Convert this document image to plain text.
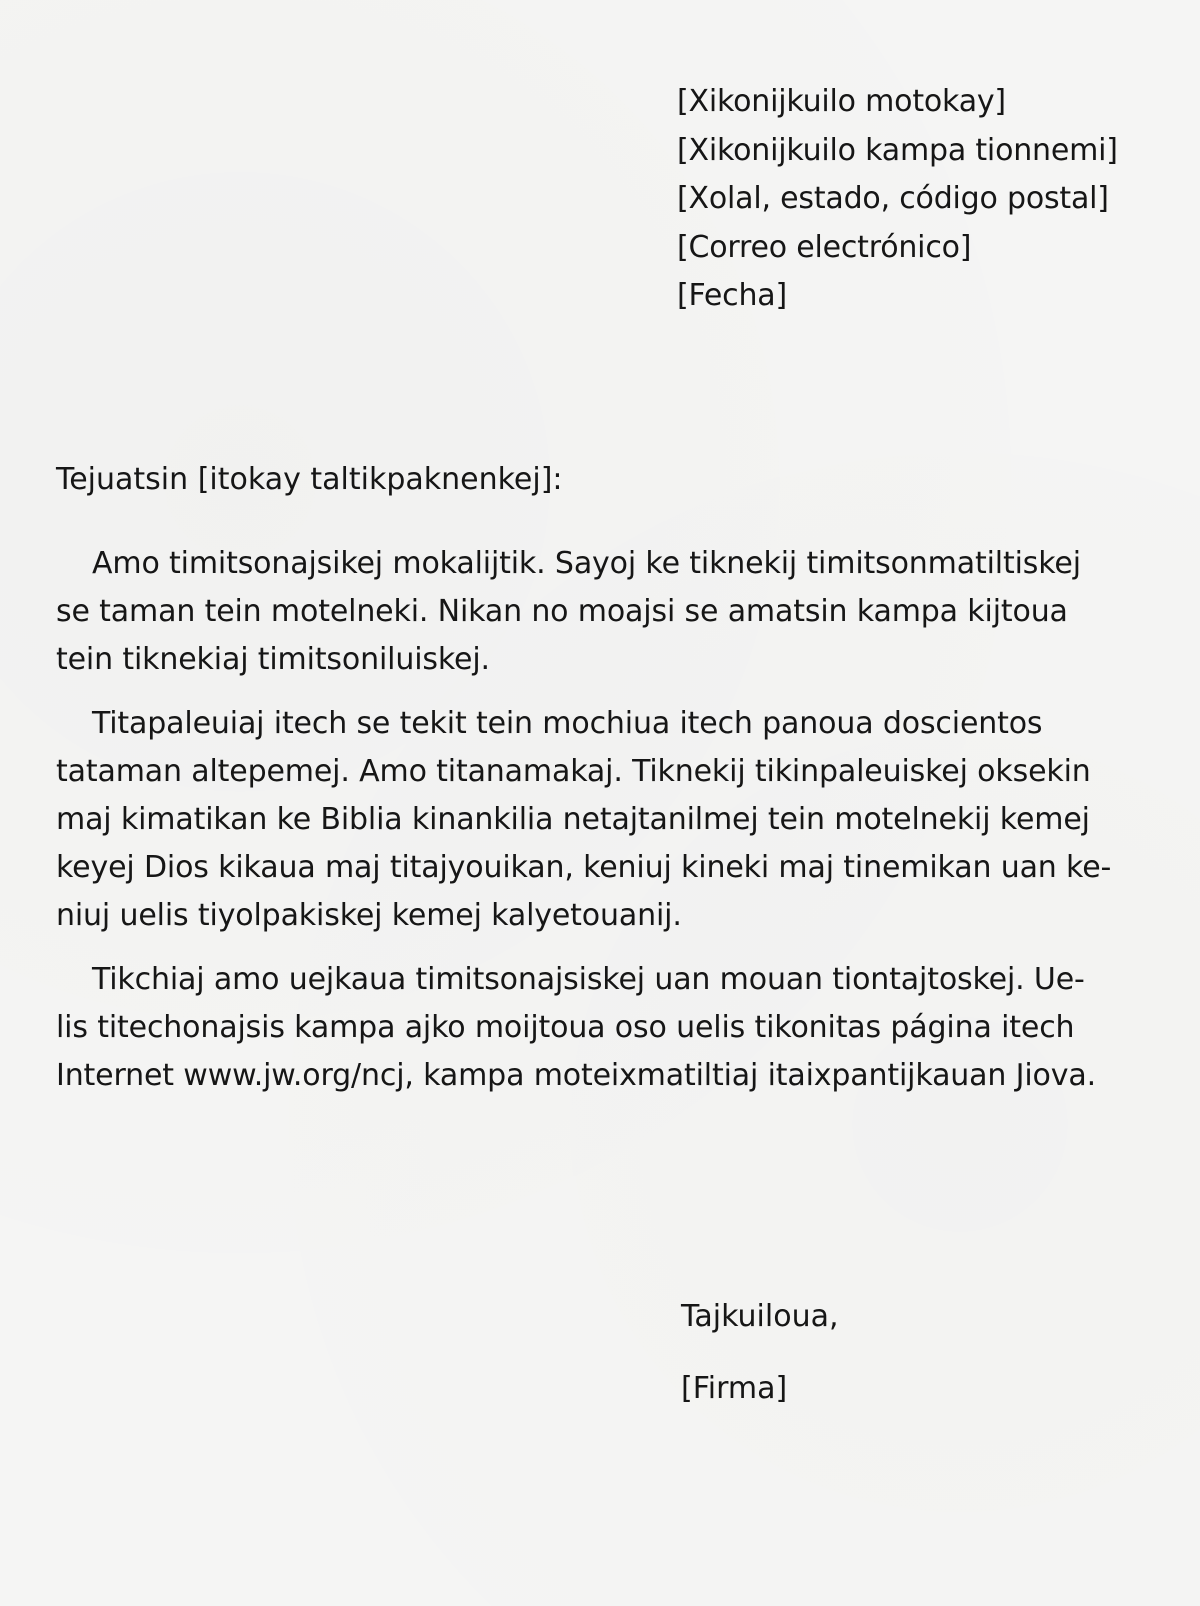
[Xikonijkuilo motokay]
[Xikonijkuilo kampa tionnemi]
[Xolal, estado, código postal]
[Correo electrónico]
[Fecha]
Tejuatsin [itokay taltikpaknenkej]:
Amo timitsonajsikej mokalijtik. Sayoj ke tiknekij timitsonmatiltiskej
se taman tein motelneki. Nikan no moajsi se amatsin kampa kijtoua
tein tiknekiaj timitsoniluiskej.
Titapaleuiaj itech se tekit tein mochiua itech panoua doscientos
tataman altepemej. Amo titanamakaj. Tiknekij tikinpaleuiskej oksekin
maj kimatikan ke Biblia kinankilia netajtanilmej tein motelnekij kemej
keyej Dios kikaua maj titajyouikan, keniuj kineki maj tinemikan uan ke-
niuj uelis tiyolpakiskej kemej kalyetouanij.
Tikchiaj amo uejkaua timitsonajsiskej uan mouan tiontajtoskej. Ue-
lis titechonajsis kampa ajko moijtoua oso uelis tikonitas página itech
Internet www.jw.org/ncj, kampa moteixmatiltiaj itaixpantijkauan Jiova.
Tajkuiloua,
[Firma]
